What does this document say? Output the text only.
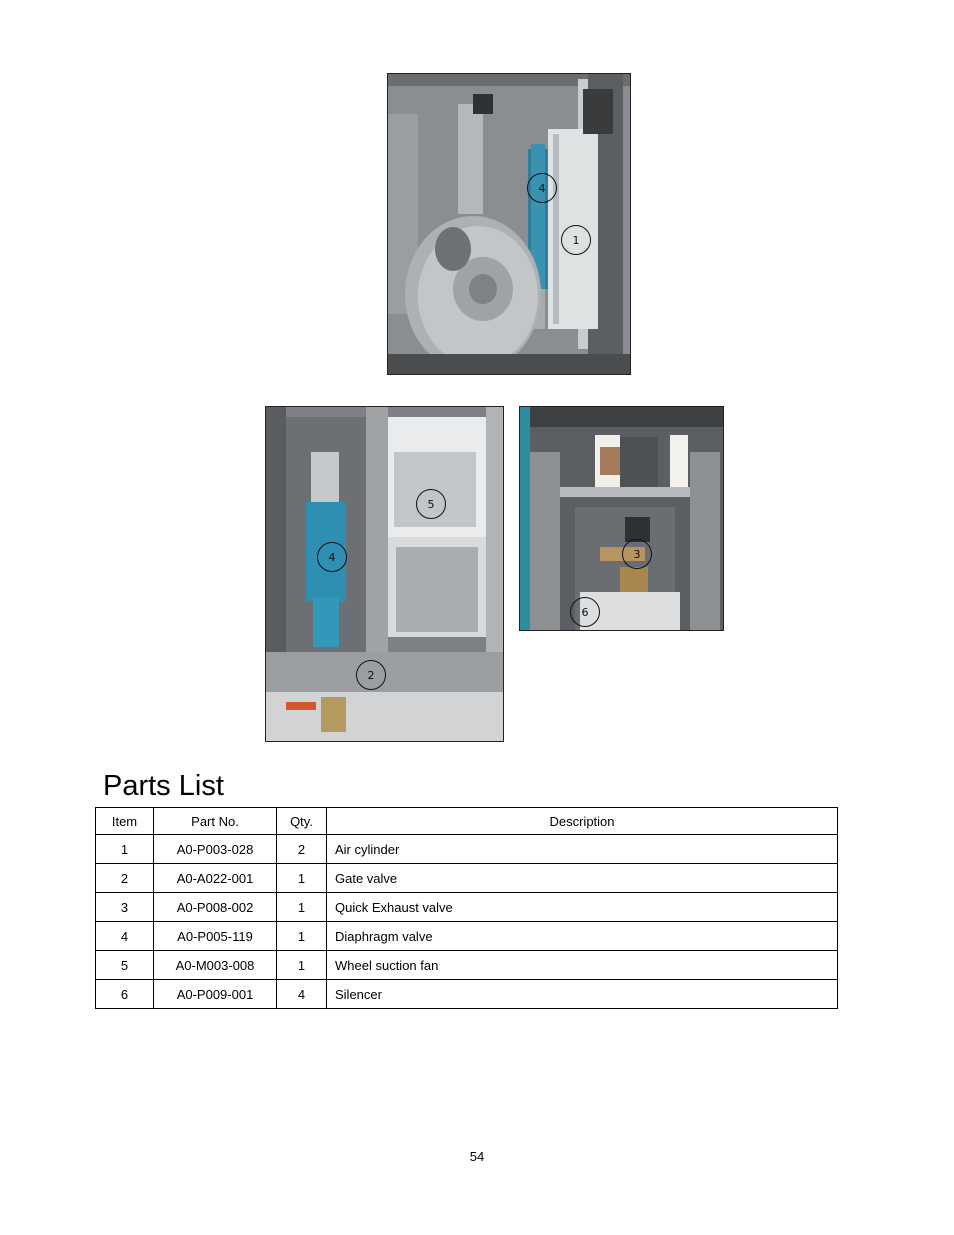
4
1
5
4
2
3
6
Parts List
Item	Part No.	Qty.	Description
1	A0-P003-028	2	Air cylinder
2	A0-A022-001	1	Gate valve
3	A0-P008-002	1	Quick Exhaust valve
4	A0-P005-119	1	Diaphragm valve
5	A0-M003-008	1	Wheel suction fan
6	A0-P009-001	4	Silencer
54
